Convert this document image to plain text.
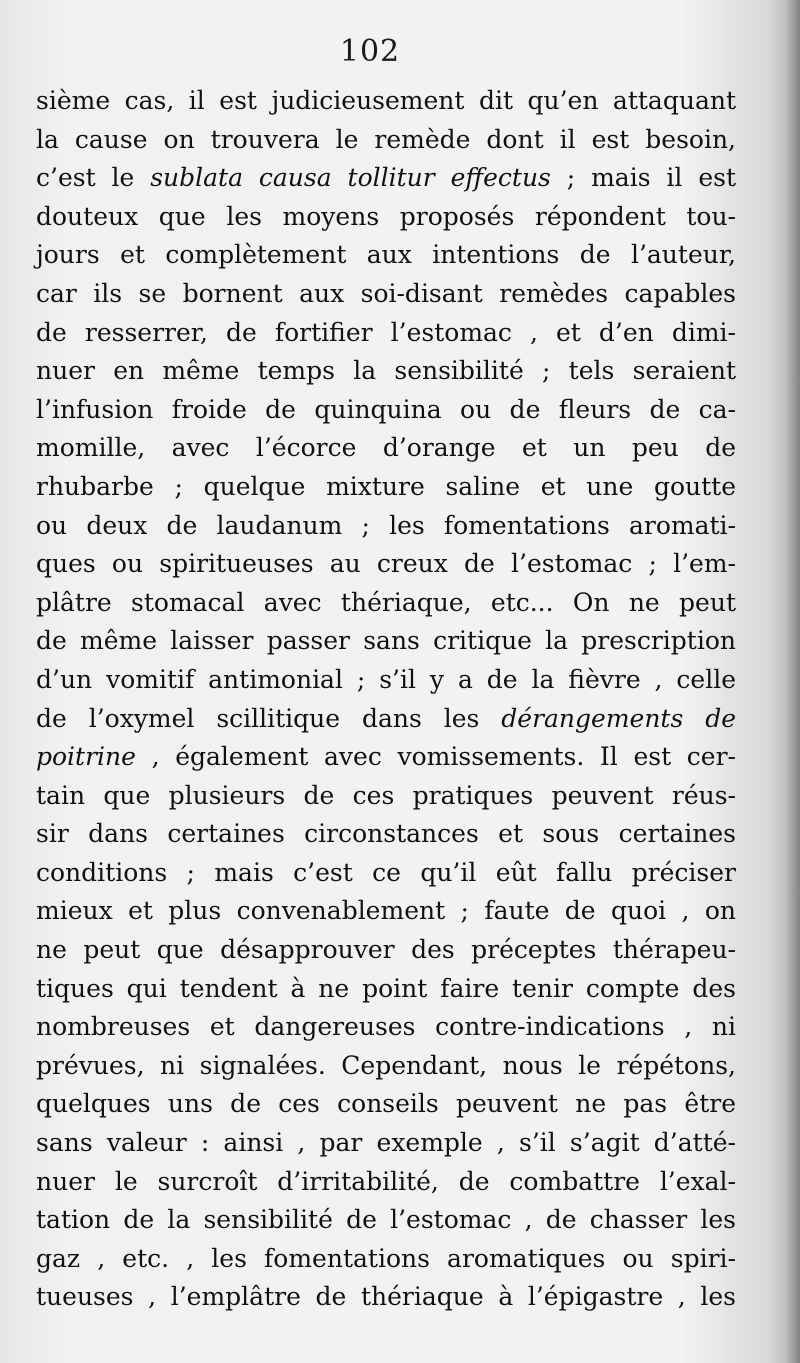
102
sième cas, il est judicieusement dit qu’en attaquant
la cause on trouvera le remède dont il est besoin,
c’est le sublata causa tollitur effectus ; mais il est
douteux que les moyens proposés répondent tou-
jours et complètement aux intentions de l’auteur,
car ils se bornent aux soi-disant remèdes capables
de resserrer, de fortifier l’estomac , et d’en dimi-
nuer en même temps la sensibilité ; tels seraient
l’infusion froide de quinquina ou de fleurs de ca-
momille, avec l’écorce d’orange et un peu de
rhubarbe ; quelque mixture saline et une goutte
ou deux de laudanum ; les fomentations aromati-
ques ou spiritueuses au creux de l’estomac ; l’em-
plâtre stomacal avec thériaque, etc... On ne peut
de même laisser passer sans critique la prescription
d’un vomitif antimonial ; s’il y a de la fièvre , celle
de l’oxymel scillitique dans les dérangements de
poitrine , également avec vomissements. Il est cer-
tain que plusieurs de ces pratiques peuvent réus-
sir dans certaines circonstances et sous certaines
conditions ; mais c’est ce qu’il eût fallu préciser
mieux et plus convenablement ; faute de quoi , on
ne peut que désapprouver des préceptes thérapeu-
tiques qui tendent à ne point faire tenir compte des
nombreuses et dangereuses contre-indications , ni
prévues, ni signalées. Cependant, nous le répétons,
quelques uns de ces conseils peuvent ne pas être
sans valeur : ainsi , par exemple , s’il s’agit d’atté-
nuer le surcroît d’irritabilité, de combattre l’exal-
tation de la sensibilité de l’estomac , de chasser les
gaz , etc. , les fomentations aromatiques ou spiri-
tueuses , l’emplâtre de thériaque à l’épigastre , les
